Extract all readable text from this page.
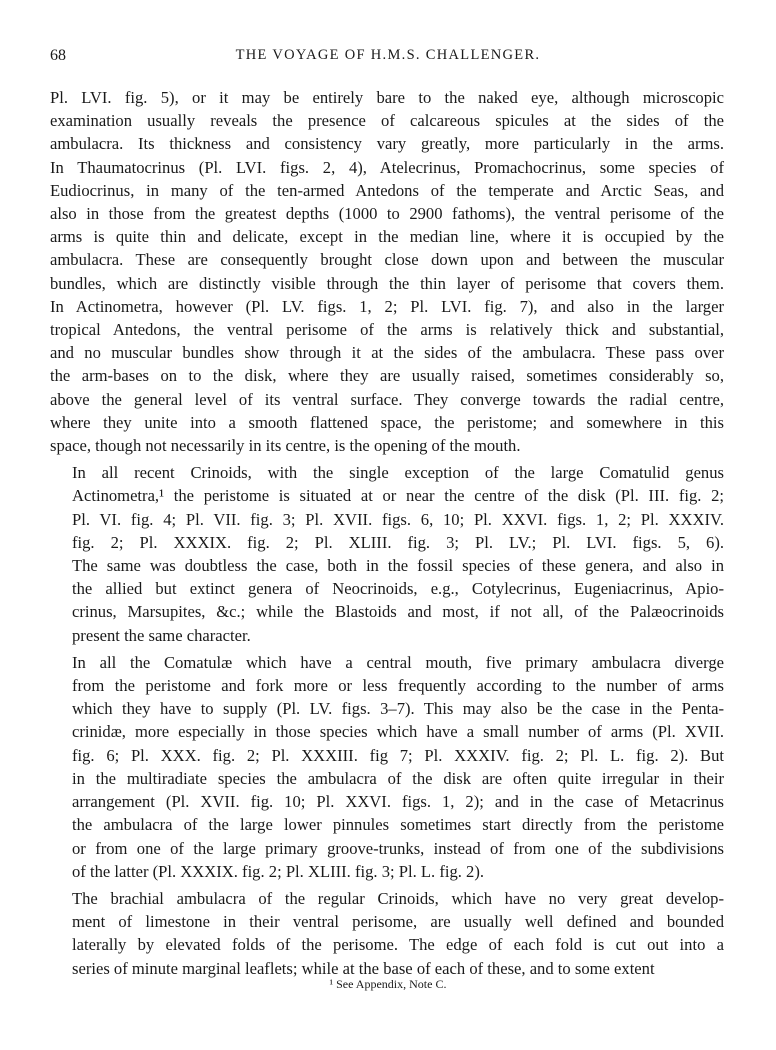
68	THE VOYAGE OF H.M.S. CHALLENGER.

Pl. LVI. fig. 5), or it may be entirely bare to the naked eye, although microscopic
examination usually reveals the presence of calcareous spicules at the sides of the
ambulacra. Its thickness and consistency vary greatly, more particularly in the arms.
In Thaumatocrinus (Pl. LVI. figs. 2, 4), Atelecrinus, Promachocrinus, some species of
Eudiocrinus, in many of the ten-armed Antedons of the temperate and Arctic Seas, and
also in those from the greatest depths (1000 to 2900 fathoms), the ventral perisome of the
arms is quite thin and delicate, except in the median line, where it is occupied by the
ambulacra. These are consequently brought close down upon and between the muscular
bundles, which are distinctly visible through the thin layer of perisome that covers them.
In Actinometra, however (Pl. LV. figs. 1, 2; Pl. LVI. fig. 7), and also in the larger
tropical Antedons, the ventral perisome of the arms is relatively thick and substantial,
and no muscular bundles show through it at the sides of the ambulacra. These pass over
the arm-bases on to the disk, where they are usually raised, sometimes considerably so,
above the general level of its ventral surface. They converge towards the radial centre,
where they unite into a smooth flattened space, the peristome; and somewhere in this
space, though not necessarily in its centre, is the opening of the mouth.

In all recent Crinoids, with the single exception of the large Comatulid genus
Actinometra,¹ the peristome is situated at or near the centre of the disk (Pl. III. fig. 2;
Pl. VI. fig. 4; Pl. VII. fig. 3; Pl. XVII. figs. 6, 10; Pl. XXVI. figs. 1, 2; Pl. XXXIV.
fig. 2; Pl. XXXIX. fig. 2; Pl. XLIII. fig. 3; Pl. LV.; Pl. LVI. figs. 5, 6).
The same was doubtless the case, both in the fossil species of these genera, and also in
the allied but extinct genera of Neocrinoids, e.g., Cotylecrinus, Eugeniacrinus, Apio-
crinus, Marsupites, &c.; while the Blastoids and most, if not all, of the Palæocrinoids
present the same character.

In all the Comatulæ which have a central mouth, five primary ambulacra diverge
from the peristome and fork more or less frequently according to the number of arms
which they have to supply (Pl. LV. figs. 3–7). This may also be the case in the Penta-
crinidæ, more especially in those species which have a small number of arms (Pl. XVII.
fig. 6; Pl. XXX. fig. 2; Pl. XXXIII. fig 7; Pl. XXXIV. fig. 2; Pl. L. fig. 2). But
in the multiradiate species the ambulacra of the disk are often quite irregular in their
arrangement (Pl. XVII. fig. 10; Pl. XXVI. figs. 1, 2); and in the case of Metacrinus
the ambulacra of the large lower pinnules sometimes start directly from the peristome
or from one of the large primary groove-trunks, instead of from one of the subdivisions
of the latter (Pl. XXXIX. fig. 2; Pl. XLIII. fig. 3; Pl. L. fig. 2).

The brachial ambulacra of the regular Crinoids, which have no very great develop-
ment of limestone in their ventral perisome, are usually well defined and bounded
laterally by elevated folds of the perisome. The edge of each fold is cut out into a
series of minute marginal leaflets; while at the base of each of these, and to some extent

¹ See Appendix, Note C.
